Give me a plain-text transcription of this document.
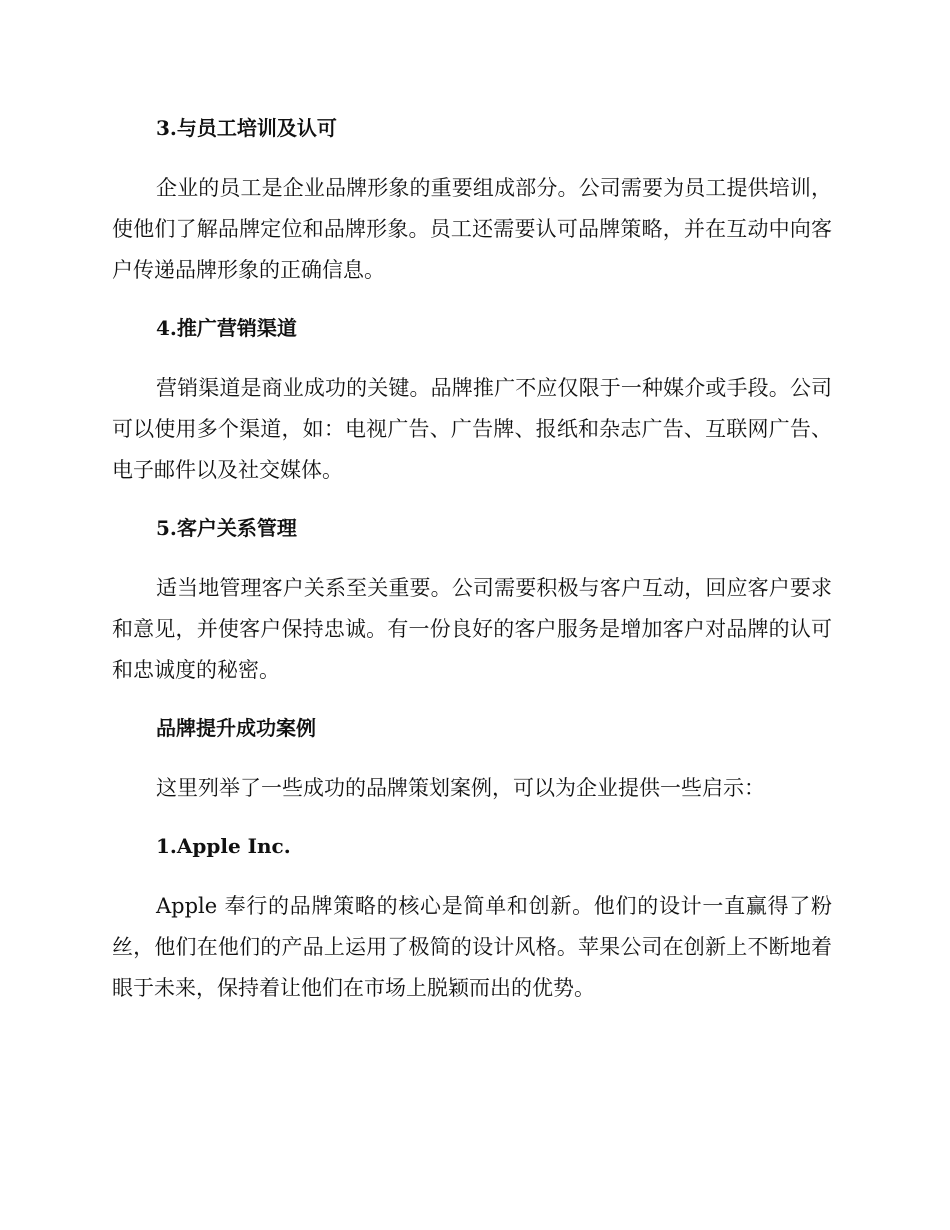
3.与员工培训及认可

企业的员工是企业品牌形象的重要组成部分。公司需要为员工提供培训，使他们了解品牌定位和品牌形象。员工还需要认可品牌策略，并在互动中向客户传递品牌形象的正确信息。

4.推广营销渠道

营销渠道是商业成功的关键。品牌推广不应仅限于一种媒介或手段。公司可以使用多个渠道，如：电视广告、广告牌、报纸和杂志广告、互联网广告、电子邮件以及社交媒体。

5.客户关系管理

适当地管理客户关系至关重要。公司需要积极与客户互动，回应客户要求和意见，并使客户保持忠诚。有一份良好的客户服务是增加客户对品牌的认可和忠诚度的秘密。

品牌提升成功案例

这里列举了一些成功的品牌策划案例，可以为企业提供一些启示：

1.Apple Inc.

Apple 奉行的品牌策略的核心是简单和创新。他们的设计一直赢得了粉丝，他们在他们的产品上运用了极简的设计风格。苹果公司在创新上不断地着眼于未来，保持着让他们在市场上脱颖而出的优势。
